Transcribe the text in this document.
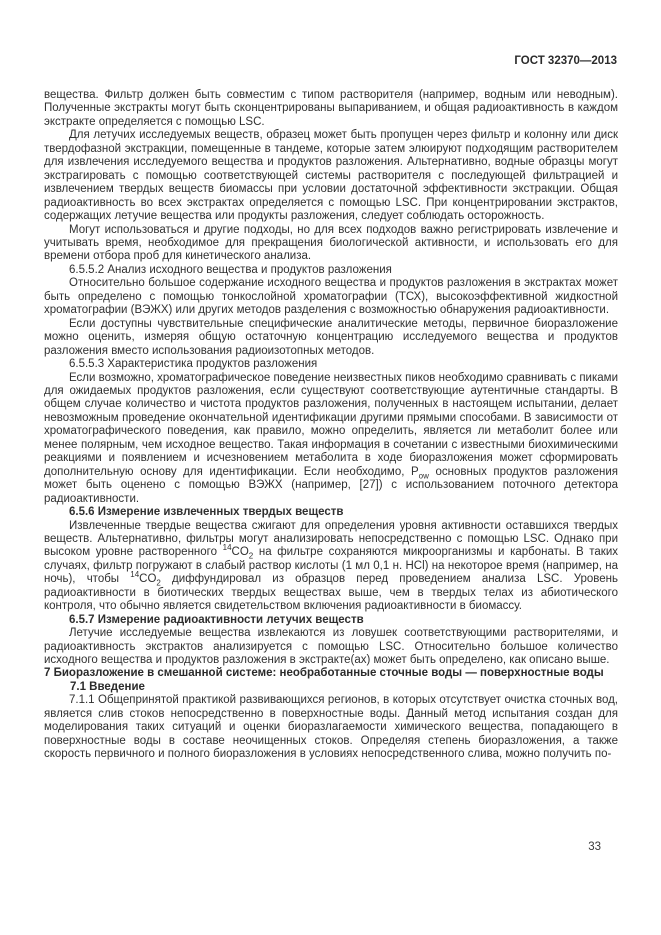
ГОСТ 32370—2013

вещества. Фильтр должен быть совместим с типом растворителя (например, водным или неводным). Полученные экстракты могут быть сконцентрированы выпариванием, и общая радиоактивность в каждом экстракте определяется с помощью LSC.

Для летучих исследуемых веществ, образец может быть пропущен через фильтр и колонну или диск твердофазной экстракции, помещенные в тандеме, которые затем элюируют подходящим растворителем для извлечения исследуемого вещества и продуктов разложения. Альтернативно, водные образцы могут экстрагировать с помощью соответствующей системы растворителя с последующей фильтрацией и извлечением твердых веществ биомассы при условии достаточной эффективности экстракции. Общая радиоактивность во всех экстрактах определяется с помощью LSC. При концентрировании экстрактов, содержащих летучие вещества или продукты разложения, следует соблюдать осторожность.

Могут использоваться и другие подходы, но для всех подходов важно регистрировать извлечение и учитывать время, необходимое для прекращения биологической активности, и использовать его для времени отбора проб для кинетического анализа.

6.5.5.2 Анализ исходного вещества и продуктов разложения

Относительно большое содержание исходного вещества и продуктов разложения в экстрактах может быть определено с помощью тонкослойной хроматографии (ТСХ), высокоэффективной жидкостной хроматографии (ВЭЖХ) или других методов разделения с возможностью обнаружения радиоактивности.

Если доступны чувствительные специфические аналитические методы, первичное биоразложение можно оценить, измеряя общую остаточную концентрацию исследуемого вещества и продуктов разложения вместо использования радиоизотопных методов.

6.5.5.3 Характеристика продуктов разложения

Если возможно, хроматографическое поведение неизвестных пиков необходимо сравнивать с пиками для ожидаемых продуктов разложения, если существуют соответствующие аутентичные стандарты. В общем случае количество и чистота продуктов разложения, полученных в настоящем испытании, делает невозможным проведение окончательной идентификации другими прямыми способами. В зависимости от хроматографического поведения, как правило, можно определить, является ли метаболит более или менее полярным, чем исходное вещество. Такая информация в сочетании с известными биохимическими реакциями и появлением и исчезновением метаболита в ходе биоразложения может сформировать дополнительную основу для идентификации. Если необходимо, $P_{ow}$ основных продуктов разложения может быть оценено с помощью ВЭЖХ (например, [27]) с использованием поточного детектора радиоактивности.

6.5.6 Измерение извлеченных твердых веществ

Извлеченные твердые вещества сжигают для определения уровня активности оставшихся твердых веществ. Альтернативно, фильтры могут анализировать непосредственно с помощью LSC. Однако при высоком уровне растворенного $^{14}CO_2$ на фильтре сохраняются микроорганизмы и карбонаты. В таких случаях, фильтр погружают в слабый раствор кислоты (1 мл 0,1 н. HCl) на некоторое время (например, на ночь), чтобы $^{14}CO_2$ диффундировал из образцов перед проведением анализа LSC. Уровень радиоактивности в биотических твердых веществах выше, чем в твердых телах из абиотического контроля, что обычно является свидетельством включения радиоактивности в биомассу.

6.5.7 Измерение радиоактивности летучих веществ

Летучие исследуемые вещества извлекаются из ловушек соответствующими растворителями, и радиоактивность экстрактов анализируется с помощью LSC. Относительно большое количество исходного вещества и продуктов разложения в экстракте(ах) может быть определено, как описано выше.

7 Биоразложение в смешанной системе: необработанные сточные воды — поверхностные воды

7.1 Введение

7.1.1 Общепринятой практикой развивающихся регионов, в которых отсутствует очистка сточных вод, является слив стоков непосредственно в поверхностные воды. Данный метод испытания создан для моделирования таких ситуаций и оценки биоразлагаемости химического вещества, попадающего в поверхностные воды в составе неочищенных стоков. Определяя степень биоразложения, а также скорость первичного и полного биоразложения в условиях непосредственного слива, можно получить по-

33
